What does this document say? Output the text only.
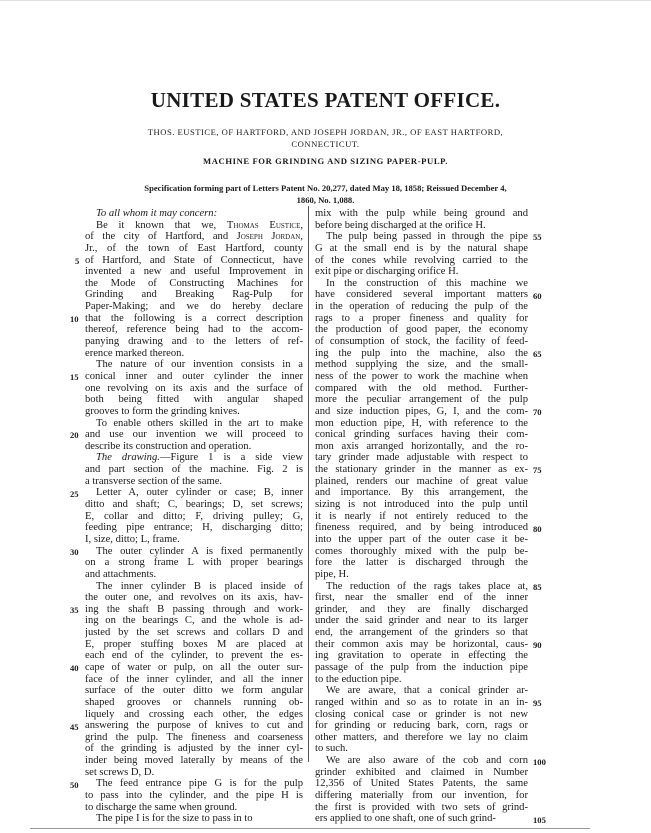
UNITED STATES PATENT OFFICE.
THOS. EUSTICE, OF HARTFORD, AND JOSEPH JORDAN, JR., OF EAST HARTFORD,
CONNECTICUT.
MACHINE FOR GRINDING AND SIZING PAPER-PULP.
Specification forming part of Letters Patent No. 20,277, dated May 18, 1858; Reissued December 4,
1860, No. 1,088.
To all whom it may concern:
Be it known that we, Thomas Eustice,
of the city of Hartford, and Joseph Jordan,
Jr., of the town of East Hartford, county
of Hartford, and State of Connecticut, have
invented a new and useful Improvement in
the Mode of Constructing Machines for
Grinding and Breaking Rag-Pulp for
Paper-Making; and we do hereby declare
that the following is a correct description
thereof, reference being had to the accom-
panying drawing and to the letters of ref-
erence marked thereon.
The nature of our invention consists in a
conical inner and outer cylinder the inner
one revolving on its axis and the surface of
both being fitted with angular shaped
grooves to form the grinding knives.
To enable others skilled in the art to make
and use our invention we will proceed to
describe its construction and operation.
The drawing.—Figure 1 is a side view
and part section of the machine. Fig. 2 is
a transverse section of the same.
Letter A, outer cylinder or case; B, inner
ditto and shaft; C, bearings; D, set screws;
E, collar and ditto; F, driving pulley; G,
feeding pipe entrance; H, discharging ditto;
I, size, ditto; L, frame.
The outer cylinder A is fixed permanently
on a strong frame L with proper bearings
and attachments.
The inner cylinder B is placed inside of
the outer one, and revolves on its axis, hav-
ing the shaft B passing through and work-
ing on the bearings C, and the whole is ad-
justed by the set screws and collars D and
E, proper stuffing boxes M are placed at
each end of the cylinder, to prevent the es-
cape of water or pulp, on all the outer sur-
face of the inner cylinder, and all the inner
surface of the outer ditto we form angular
shaped grooves or channels running ob-
liquely and crossing each other, the edges
answering the purpose of knives to cut and
grind the pulp. The fineness and coarseness
of the grinding is adjusted by the inner cyl-
inder being moved laterally by means of the
set screws D, D.
The feed entrance pipe G is for the pulp
to pass into the cylinder, and the pipe H is
to discharge the same when ground.
The pipe I is for the size to pass in to
mix with the pulp while being ground and
before being discharged at the orifice H.
The pulp being passed in through the pipe
G at the small end is by the natural shape
of the cones while revolving carried to the
exit pipe or discharging orifice H.
In the construction of this machine we
have considered several important matters
in the operation of reducing the pulp of the
rags to a proper fineness and quality for
the production of good paper, the economy
of consumption of stock, the facility of feed-
ing the pulp into the machine, also the
method supplying the size, and the small-
ness of the power to work the machine when
compared with the old method. Further-
more the peculiar arrangement of the pulp
and size induction pipes, G, I, and the com-
mon eduction pipe, H, with reference to the
conical grinding surfaces having their com-
mon axis arranged horizontally, and the ro-
tary grinder made adjustable with respect to
the stationary grinder in the manner as ex-
plained, renders our machine of great value
and importance. By this arrangement, the
sizing is not introduced into the pulp until
it is nearly if not entirely reduced to the
fineness required, and by being introduced
into the upper part of the outer case it be-
comes thoroughly mixed with the pulp be-
fore the latter is discharged through the
pipe, H.
The reduction of the rags takes place at,
first, near the smaller end of the inner
grinder, and they are finally discharged
under the said grinder and near to its larger
end, the arrangement of the grinders so that
their common axis may be horizontal, caus-
ing gravitation to operate in effecting the
passage of the pulp from the induction pipe
to the eduction pipe.
We are aware, that a conical grinder ar-
ranged within and so as to rotate in an in-
closing conical case or grinder is not new
for grinding or reducing bark, corn, rags or
other matters, and therefore we lay no claim
to such.
We are also aware of the cob and corn
grinder exhibited and claimed in Number
12,356 of United States Patents, the same
differing materially from our invention, for
the first is provided with two sets of grind-
ers applied to one shaft, one of such grind-
5
10
15
20
25
30
35
40
45
50
55
60
65
70
75
80
85
90
95
100
105
